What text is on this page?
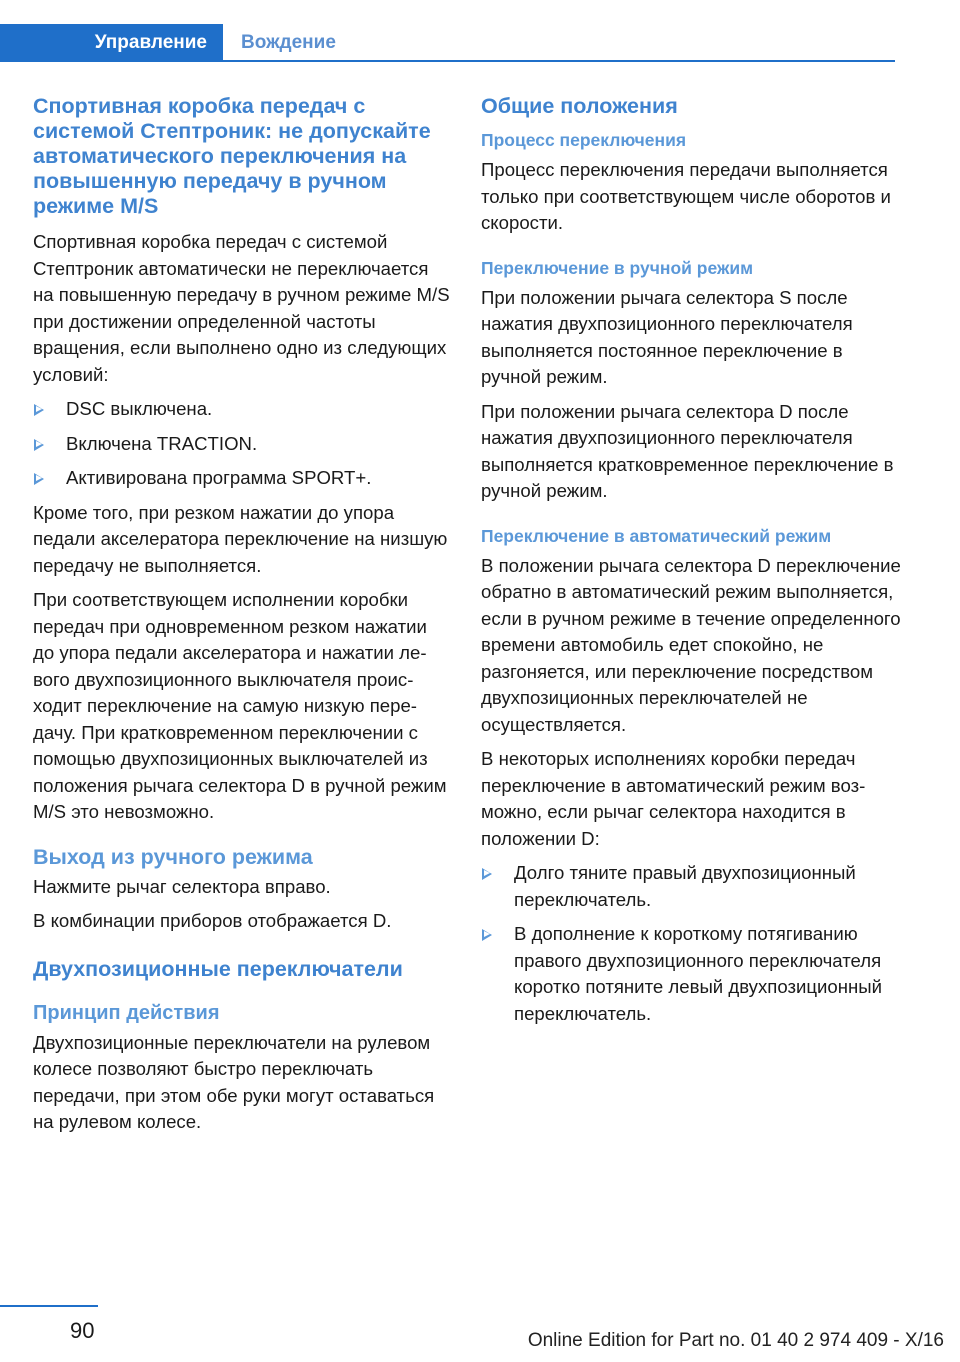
Управление	Вождение
Спортивная коробка передач с системой Стептроник: не допускайте автоматического переключения на повышенную передачу в ручном режиме M/S

Спортивная коробка передач с системой Стептроник автоматически не переключается на повышенную передачу в ручном режиме M/S при достижении определенной частоты вращения, если выполнено одно из следующих условий:

DSC выключена.
Включена TRACTION.
Активирована программа SPORT+.

Кроме того, при резком нажатии до упора педали акселератора переключение на низшую передачу не выполняется.

При соответствующем исполнении коробки передач при одновременном резком нажатии до упора педали акселератора и нажатии левого двухпозиционного выключателя происходит переключение на самую низкую передачу. При кратковременном переключении с помощью двухпозиционных выключателей из положения рычага селектора D в ручной режим M/S это невозможно.

Выход из ручного режима

Нажмите рычаг селектора вправо.

В комбинации приборов отображается D.

Двухпозиционные переключатели
Принцип действия

Двухпозиционные переключатели на рулевом колесе позволяют быстро переключать передачи, при этом обе руки могут оставаться на рулевом колесе.

Общие положения
Процесс переключения

Процесс переключения передачи выполняется только при соответствующем числе оборотов и скорости.

Переключение в ручной режим

При положении рычага селектора S после нажатия двухпозиционного переключателя выполняется постоянное переключение в ручной режим.

При положении рычага селектора D после нажатия двухпозиционного переключателя выполняется кратковременное переключение в ручной режим.

Переключение в автоматический режим

В положении рычага селектора D переключение обратно в автоматический режим выполняется, если в ручном режиме в течение определенного времени автомобиль едет спокойно, не разгоняется, или переключение посредством двухпозиционных переключателей не осуществляется.

В некоторых исполнениях коробки передач переключение в автоматический режим возможно, если рычаг селектора находится в положении D:

Долго тяните правый двухпозиционный переключатель.
В дополнение к короткому потягиванию правого двухпозиционного переключателя коротко потяните левый двухпозиционный переключатель.
90	Online Edition for Part no. 01 40 2 974 409 - X/16
